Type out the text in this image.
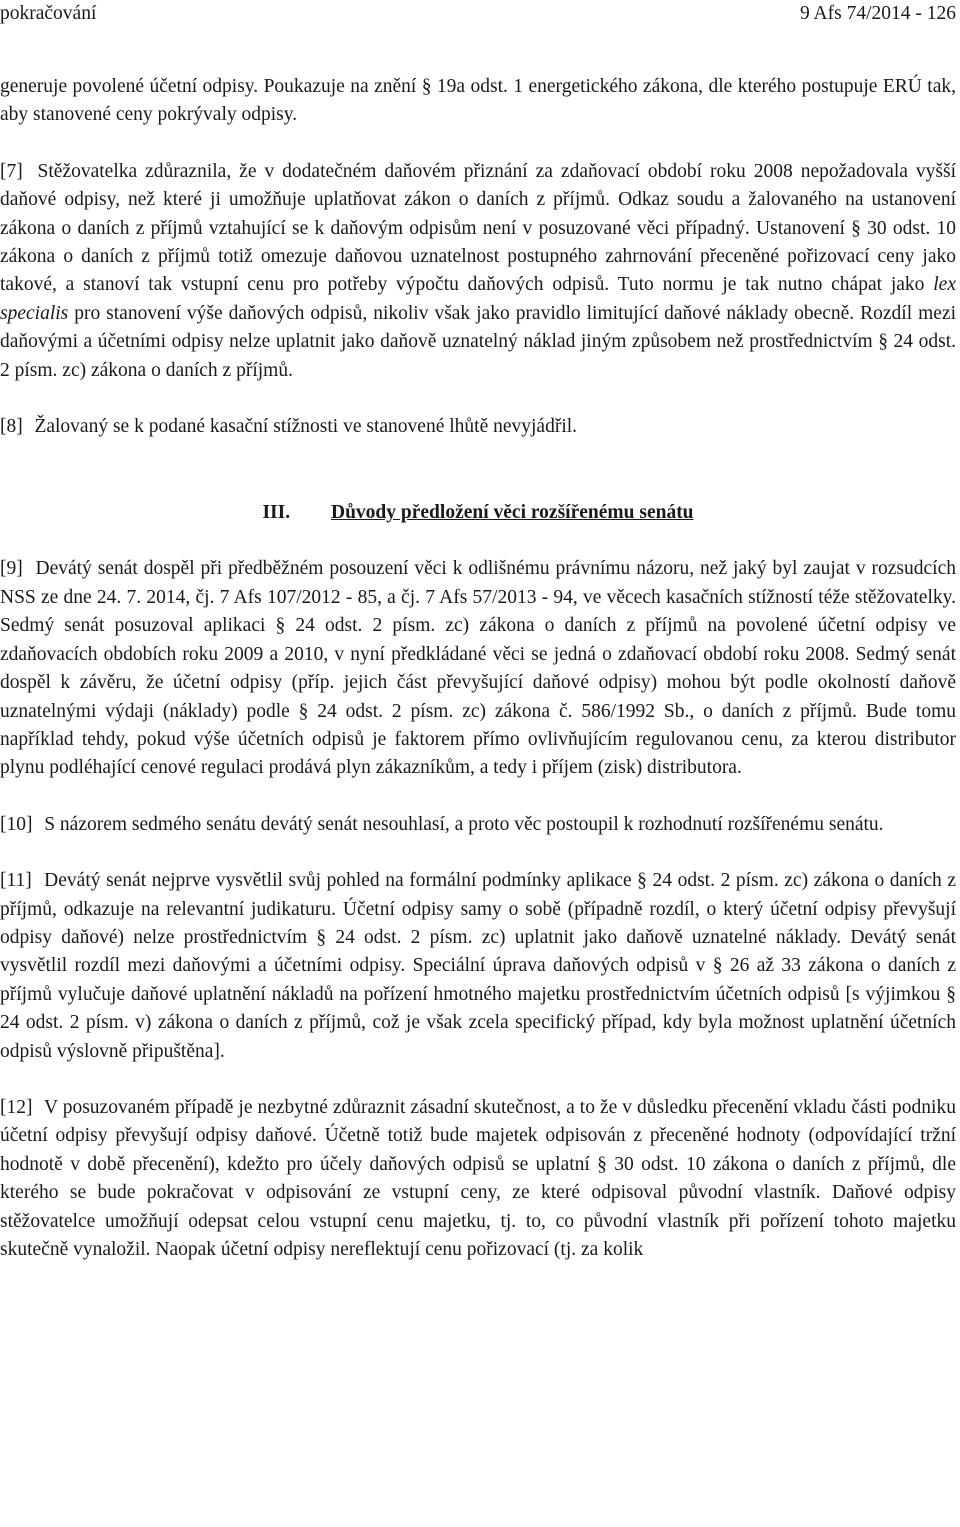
pokračování	9 Afs 74/2014 - 126

generuje povolené účetní odpisy. Poukazuje na znění § 19a odst. 1 energetického zákona, dle kterého postupuje ERÚ tak, aby stanovené ceny pokrývaly odpisy.

[7] Stěžovatelka zdůraznila, že v dodatečném daňovém přiznání za zdaňovací období roku 2008 nepožadovala vyšší daňové odpisy, než které ji umožňuje uplatňovat zákon o daních z příjmů. Odkaz soudu a žalovaného na ustanovení zákona o daních z příjmů vztahující se k daňovým odpisům není v posuzované věci případný. Ustanovení § 30 odst. 10 zákona o daních z příjmů totiž omezuje daňovou uznatelnost postupného zahrnování přeceněné pořizovací ceny jako takové, a stanoví tak vstupní cenu pro potřeby výpočtu daňových odpisů. Tuto normu je tak nutno chápat jako lex specialis pro stanovení výše daňových odpisů, nikoliv však jako pravidlo limitující daňové náklady obecně. Rozdíl mezi daňovými a účetními odpisy nelze uplatnit jako daňově uznatelný náklad jiným způsobem než prostřednictvím § 24 odst. 2 písm. zc) zákona o daních z příjmů.

[8] Žalovaný se k podané kasační stížnosti ve stanovené lhůtě nevyjádřil.

III. Důvody předložení věci rozšířenému senátu

[9] Devátý senát dospěl při předběžném posouzení věci k odlišnému právnímu názoru, než jaký byl zaujat v rozsudcích NSS ze dne 24. 7. 2014, čj. 7 Afs 107/2012 - 85, a čj. 7 Afs 57/2013 - 94, ve věcech kasačních stížností téže stěžovatelky. Sedmý senát posuzoval aplikaci § 24 odst. 2 písm. zc) zákona o daních z příjmů na povolené účetní odpisy ve zdaňovacích obdobích roku 2009 a 2010, v nyní předkládané věci se jedná o zdaňovací období roku 2008. Sedmý senát dospěl k závěru, že účetní odpisy (příp. jejich část převyšující daňové odpisy) mohou být podle okolností daňově uznatelnými výdaji (náklady) podle § 24 odst. 2 písm. zc) zákona č. 586/1992 Sb., o daních z příjmů. Bude tomu například tehdy, pokud výše účetních odpisů je faktorem přímo ovlivňujícím regulovanou cenu, za kterou distributor plynu podléhající cenové regulaci prodává plyn zákazníkům, a tedy i příjem (zisk) distributora.

[10] S názorem sedmého senátu devátý senát nesouhlasí, a proto věc postoupil k rozhodnutí rozšířenému senátu.

[11] Devátý senát nejprve vysvětlil svůj pohled na formální podmínky aplikace § 24 odst. 2 písm. zc) zákona o daních z příjmů, odkazuje na relevantní judikaturu. Účetní odpisy samy o sobě (případně rozdíl, o který účetní odpisy převyšují odpisy daňové) nelze prostřednictvím § 24 odst. 2 písm. zc) uplatnit jako daňově uznatelné náklady. Devátý senát vysvětlil rozdíl mezi daňovými a účetními odpisy. Speciální úprava daňových odpisů v § 26 až 33 zákona o daních z příjmů vylučuje daňové uplatnění nákladů na pořízení hmotného majetku prostřednictvím účetních odpisů [s výjimkou § 24 odst. 2 písm. v) zákona o daních z příjmů, což je však zcela specifický případ, kdy byla možnost uplatnění účetních odpisů výslovně připuštěna].

[12] V posuzovaném případě je nezbytné zdůraznit zásadní skutečnost, a to že v důsledku přecenění vkladu části podniku účetní odpisy převyšují odpisy daňové. Účetně totiž bude majetek odpisován z přeceněné hodnoty (odpovídající tržní hodnotě v době přecenění), kdežto pro účely daňových odpisů se uplatní § 30 odst. 10 zákona o daních z příjmů, dle kterého se bude pokračovat v odpisování ze vstupní ceny, ze které odpisoval původní vlastník. Daňové odpisy stěžovatelce umožňují odepsat celou vstupní cenu majetku, tj. to, co původní vlastník při pořízení tohoto majetku skutečně vynaložil. Naopak účetní odpisy nereflektují cenu pořizovací (tj. za kolik
